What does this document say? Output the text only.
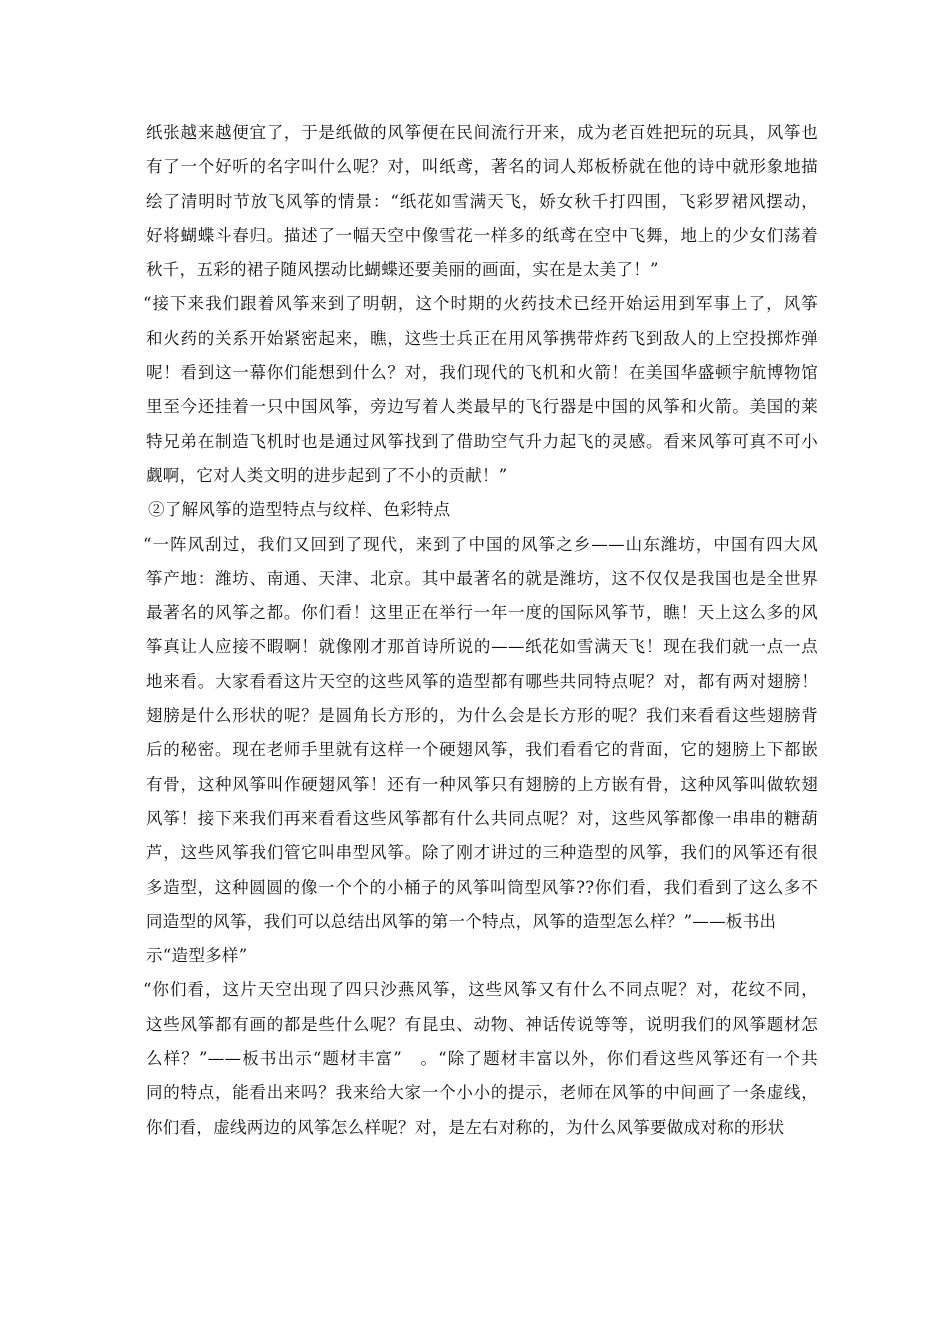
纸张越来越便宜了，于是纸做的风筝便在民间流行开来，成为老百姓把玩的玩具，风筝也
有了一个好听的名字叫什么呢？对，叫纸鸢，著名的词人郑板桥就在他的诗中就形象地描
绘了清明时节放飞风筝的情景：“纸花如雪满天飞，娇女秋千打四围，飞彩罗裙风摆动，
好将蝴蝶斗春归。描述了一幅天空中像雪花一样多的纸鸢在空中飞舞，地上的少女们荡着
秋千，五彩的裙子随风摆动比蝴蝶还要美丽的画面，实在是太美了！”
“接下来我们跟着风筝来到了明朝，这个时期的火药技术已经开始运用到军事上了，风筝
和火药的关系开始紧密起来，瞧，这些士兵正在用风筝携带炸药飞到敌人的上空投掷炸弹
呢！看到这一幕你们能想到什么？对，我们现代的飞机和火箭！在美国华盛顿宇航博物馆
里至今还挂着一只中国风筝，旁边写着人类最早的飞行器是中国的风筝和火箭。美国的莱
特兄弟在制造飞机时也是通过风筝找到了借助空气升力起飞的灵感。看来风筝可真不可小
觑啊，它对人类文明的进步起到了不小的贡献！”
②了解风筝的造型特点与纹样、色彩特点
“一阵风刮过，我们又回到了现代，来到了中国的风筝之乡——山东潍坊，中国有四大风
筝产地：潍坊、南通、天津、北京。其中最著名的就是潍坊，这不仅仅是我国也是全世界
最著名的风筝之都。你们看！这里正在举行一年一度的国际风筝节，瞧！天上这么多的风
筝真让人应接不暇啊！就像刚才那首诗所说的——纸花如雪满天飞！现在我们就一点一点
地来看。大家看看这片天空的这些风筝的造型都有哪些共同特点呢？对，都有两对翅膀！
翅膀是什么形状的呢？是圆角长方形的，为什么会是长方形的呢？我们来看看这些翅膀背
后的秘密。现在老师手里就有这样一个硬翅风筝，我们看看它的背面，它的翅膀上下都嵌
有骨，这种风筝叫作硬翅风筝！还有一种风筝只有翅膀的上方嵌有骨，这种风筝叫做软翅
风筝！接下来我们再来看看这些风筝都有什么共同点呢？对，这些风筝都像一串串的糖葫
芦，这些风筝我们管它叫串型风筝。除了刚才讲过的三种造型的风筝，我们的风筝还有很
多造型，这种圆圆的像一个个的小桶子的风筝叫筒型风筝??你们看，我们看到了这么多不
同造型的风筝，我们可以总结出风筝的第一个特点，风筝的造型怎么样？”——板书出
示“造型多样”
“你们看，这片天空出现了四只沙燕风筝，这些风筝又有什么不同点呢？对，花纹不同，
这些风筝都有画的都是些什么呢？有昆虫、动物、神话传说等等，说明我们的风筝题材怎
么样？”——板书出示“题材丰富”　。“除了题材丰富以外，你们看这些风筝还有一个共
同的特点，能看出来吗？我来给大家一个小小的提示，老师在风筝的中间画了一条虚线，
你们看，虚线两边的风筝怎么样呢？对，是左右对称的，为什么风筝要做成对称的形状
